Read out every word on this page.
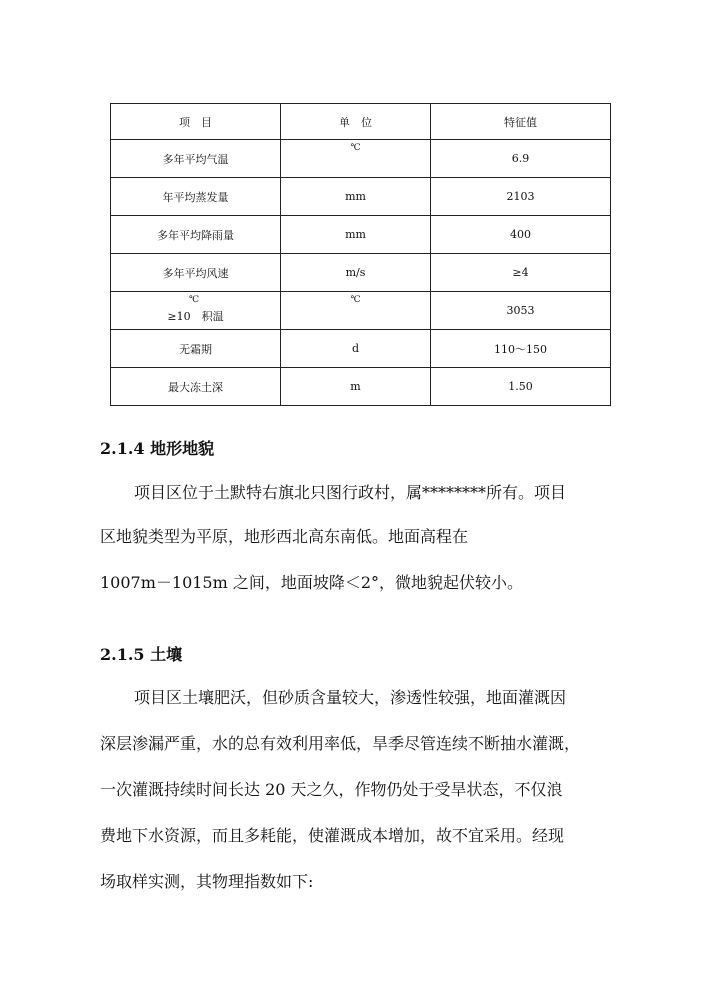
项　目	单　位	特征值
多年平均气温	℃	6.9
年平均蒸发量	mm	2103
多年平均降雨量	mm	400
多年平均风速	m/s	≥4

℃
≥10　积温	℃	3053
无霜期	d	110～150
最大冻土深	m	1.50
2.1.4 地形地貌
项目区位于土默特右旗北只图行政村，属********所有。项目
区地貌类型为平原，地形西北高东南低。地面高程在
1007m－1015m 之间，地面坡降＜2°，微地貌起伏较小。
2.1.5 土壤
项目区土壤肥沃，但砂质含量较大，渗透性较强，地面灌溉因
深层渗漏严重，水的总有效利用率低，旱季尽管连续不断抽水灌溉，
一次灌溉持续时间长达 20 天之久，作物仍处于受旱状态，不仅浪
费地下水资源，而且多耗能，使灌溉成本增加，故不宜采用。经现
场取样实测，其物理指数如下:
